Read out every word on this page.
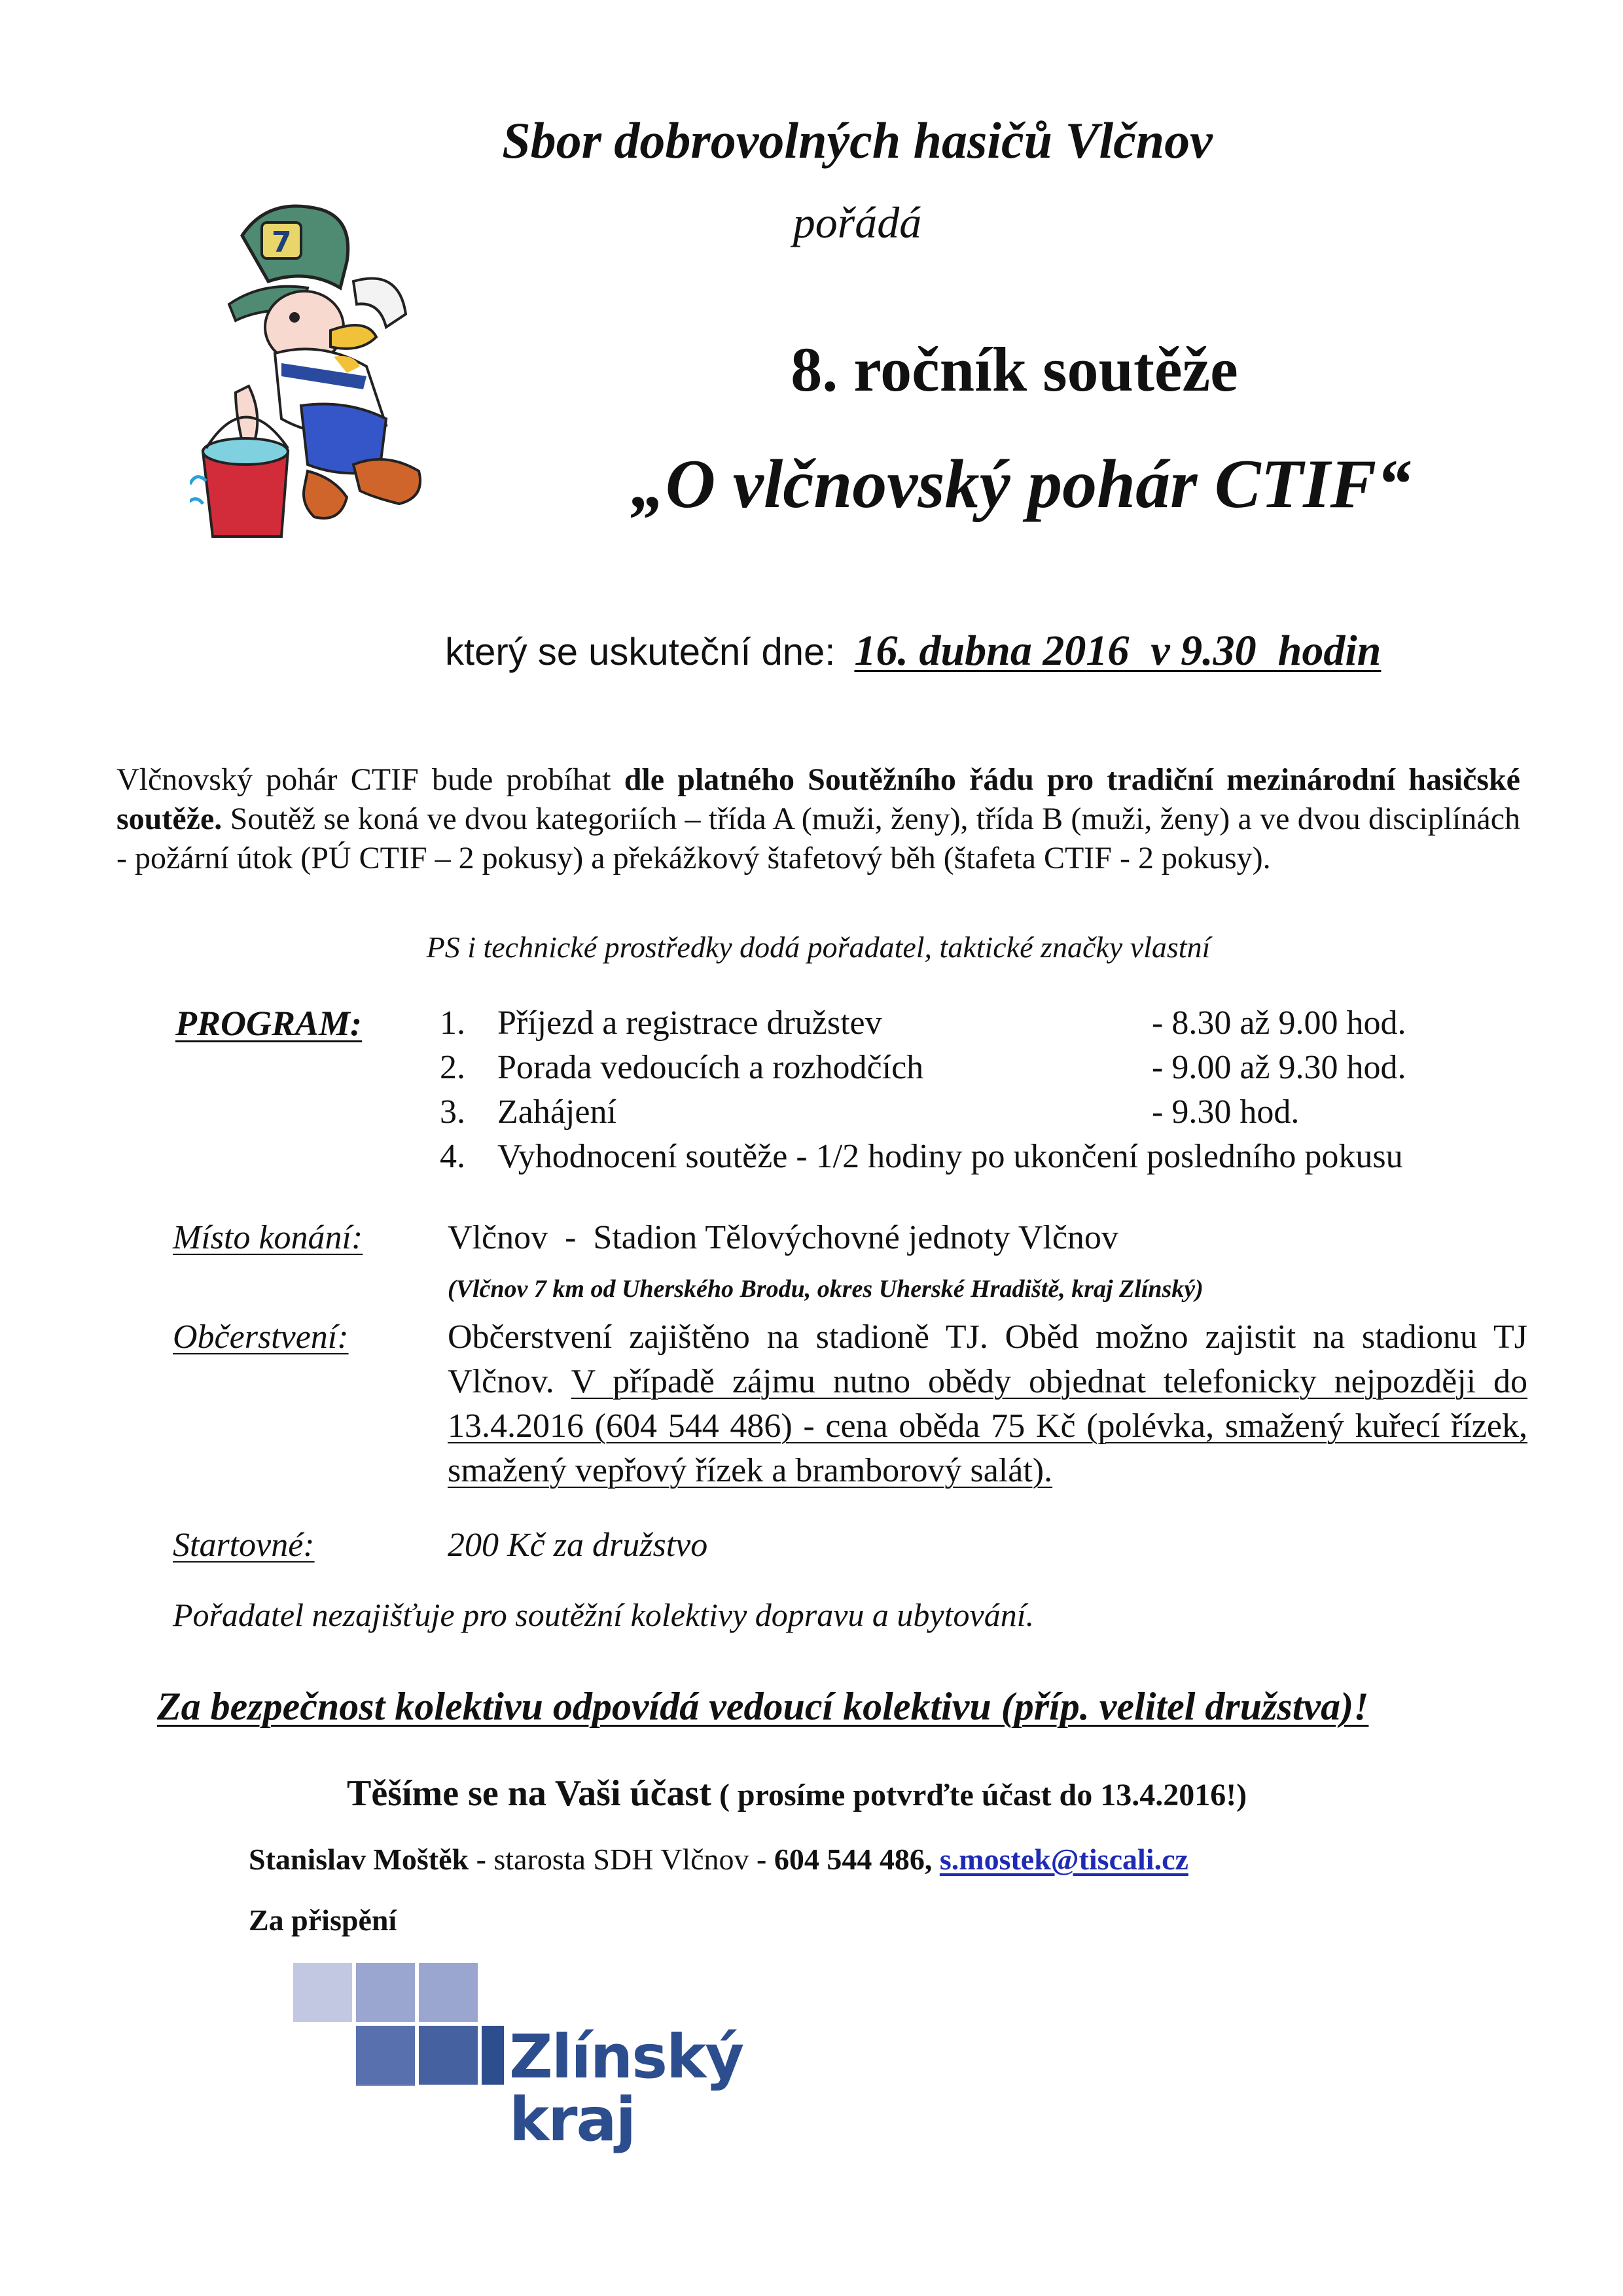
7
Sbor dobrovolných hasičů Vlčnov
pořádá
8. ročník soutěže
„O vlčnovský pohár CTIF“
který se uskuteční dne: 16. dubna 2016  v 9.30  hodin
Vlčnovský pohár CTIF bude probíhat dle platného Soutěžního řádu pro tradiční mezinárodní hasičské soutěže. Soutěž se koná ve dvou kategoriích – třída A (muži, ženy), třída B (muži, ženy) a ve dvou disciplínách - požární útok (PÚ CTIF – 2 pokusy) a překážkový štafetový běh (štafeta CTIF - 2 pokusy).
PS i technické prostředky dodá pořadatel, taktické značky vlastní
PROGRAM: 1. Příjezd a registrace družstev	- 8.30 až 9.00 hod.
2. Porada vedoucích a rozhodčích	- 9.00 až 9.30 hod.
3. Zahájení	- 9.30 hod.
4. Vyhodnocení soutěže - 1/2 hodiny po ukončení posledního pokusu
Místo konání:	Vlčnov  -  Stadion Tělovýchovné jednoty Vlčnov
(Vlčnov 7 km od Uherského Brodu, okres Uherské Hradiště, kraj Zlínský)
Občerstvení:	Občerstvení zajištěno na stadioně TJ. Oběd možno zajistit na stadionu TJ Vlčnov. V případě zájmu nutno obědy objednat telefonicky nejpozději do 13.4.2016 (604 544 486) - cena oběda 75 Kč (polévka, smažený kuřecí řízek, smažený vepřový řízek a bramborový salát).
Startovné:	200 Kč za družstvo
Pořadatel nezajišťuje pro soutěžní kolektivy dopravu a ubytování.
Za bezpečnost kolektivu odpovídá vedoucí kolektivu (příp. velitel družstva)!
Těšíme se na Vaši účast ( prosíme potvrďte účast do 13.4.2016!)
Stanislav Moštěk - starosta SDH Vlčnov - 604 544 486, s.mostek@tiscali.cz
Za přispění
Zlínský kraj
